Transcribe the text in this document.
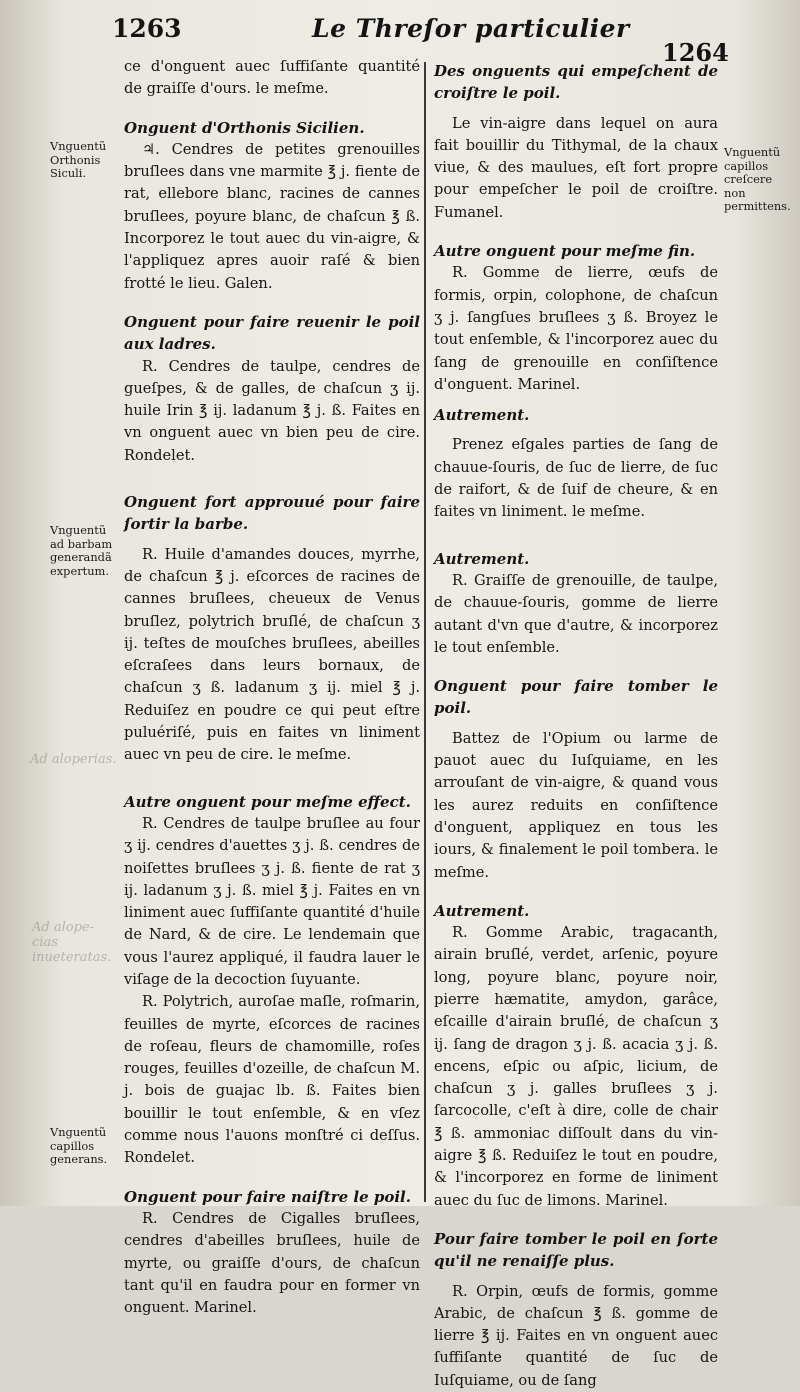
1263	Le Threſor particulier
1264
Ad aloperias.
Ad alope- cias inueteratas.
Vnguentũ Orthonis Siculi.
Vnguentũ ad barbam generandã expertum.
Vnguentũ capillos generans.
Vnguentũ capillos creſcere non permittens.

ce d'onguent auec ſuffiſante quantité de graiſſe d'ours. le meſme.

Onguent d'Orthonis Sicilien.

♃. Cendres de petites grenouilles bruſlees dans vne marmite ℥ j. fiente de rat, ellebore blanc, racines de cannes bruſlees, poyure blanc, de chaſcun ℥ ß. Incorporez le tout auec du vin-aigre, & l'appliquez apres auoir raſé & bien frotté le lieu. Galen.

Onguent pour faire reuenir le poil aux ladres.

R. Cendres de taulpe, cendres de gueſpes, & de galles, de chaſcun ʒ ij. huile Irin ℥ ij. ladanum ℥ j. ß. Faites en vn onguent auec vn bien peu de cire. Rondelet.

Onguent fort approuué pour faire ſortir la barbe.

R. Huile d'amandes douces, myrrhe, de chaſcun ℥ j. eſcorces de racines de cannes bruſlees, cheueux de Venus bruſlez, polytrich bruſlé, de chaſcun ʒ ij. teſtes de mouſches bruſlees, abeilles eſcraſees dans leurs bornaux, de chaſcun ʒ ß. ladanum ʒ ij. miel ℥ j. Reduiſez en poudre ce qui peut eſtre puluériſé, puis en faites vn liniment auec vn peu de cire. le meſme.

Autre onguent pour meſme effect.

R. Cendres de taulpe bruſlee au four ʒ ij. cendres d'auettes ʒ j. ß. cendres de noiſettes bruſlees ʒ j. ß. fiente de rat ʒ ij. ladanum ʒ j. ß. miel ℥ j. Faites en vn liniment auec ſuffiſante quantité d'huile de Nard, & de cire. Le lendemain que vous l'aurez appliqué, il faudra lauer le viſage de la decoction ſuyuante.

R. Polytrich, auroſae maſle, roſmarin, feuilles de myrte, eſcorces de racines de roſeau, fleurs de chamomille, roſes rouges, feuilles d'ozeille, de chaſcun M. j. bois de guajac lb. ß. Faites bien bouillir le tout enſemble, & en vſez comme nous l'auons monſtré ci deſſus. Rondelet.

Onguent pour faire naiſtre le poil.

R. Cendres de Cigalles bruſlees, cendres d'abeilles bruſlees, huile de myrte, ou graiſſe d'ours, de chaſcun tant qu'il en faudra pour en former vn onguent. Marinel.

Des onguents qui empeſchent de croiſtre le poil.

Le vin-aigre dans lequel on aura fait bouillir du Tithymal, de la chaux viue, & des maulues, eſt fort propre pour empeſcher le poil de croiſtre. Fumanel.

Autre onguent pour meſme fin.

R. Gomme de lierre, œufs de formis, orpin, colophone, de chaſcun ʒ j. ſangſues bruſlees ʒ ß. Broyez le tout enſemble, & l'incorporez auec du ſang de grenouille en conſiſtence d'onguent. Marinel.

Autrement.

Prenez eſgales parties de ſang de chauue-ſouris, de ſuc de lierre, de ſuc de raifort, & de ſuif de cheure, & en faites vn liniment. le meſme.

Autrement.

R. Graiſſe de grenouille, de taulpe, de chauue-ſouris, gomme de lierre autant d'vn que d'autre, & incorporez le tout enſemble.

Onguent pour faire tomber le poil.

Battez de l'Opium ou larme de pauot auec du Iuſquiame, en les arrouſant de vin-aigre, & quand vous les aurez reduits en conſiſtence d'onguent, appliquez en tous les iours, & finalement le poil tombera. le meſme.

Autrement.

R. Gomme Arabic, tragacanth, airain bruſlé, verdet, arſenic, poyure long, poyure blanc, poyure noir, pierre hæmatite, amydon, garâce, eſcaille d'airain bruſlé, de chaſcun ʒ ij. ſang de dragon ʒ j. ß. acacia ʒ j. ß. encens, eſpic ou aſpic, licium, de chaſcun ʒ j. galles bruſlees ʒ j. ſarcocolle, c'eſt à dire, colle de chair ℥ ß. ammoniac diſſoult dans du vin-aigre ℥ ß. Reduiſez le tout en poudre, & l'incorporez en forme de liniment auec du ſuc de limons. Marinel.

Pour faire tomber le poil en ſorte qu'il ne renaiſſe plus.

R. Orpin, œufs de formis, gomme Arabic, de chaſcun ℥ ß. gomme de lierre ℥ ij. Faites en vn onguent auec ſuffiſante quantité de ſuc de Iuſquiame, ou de ſang
